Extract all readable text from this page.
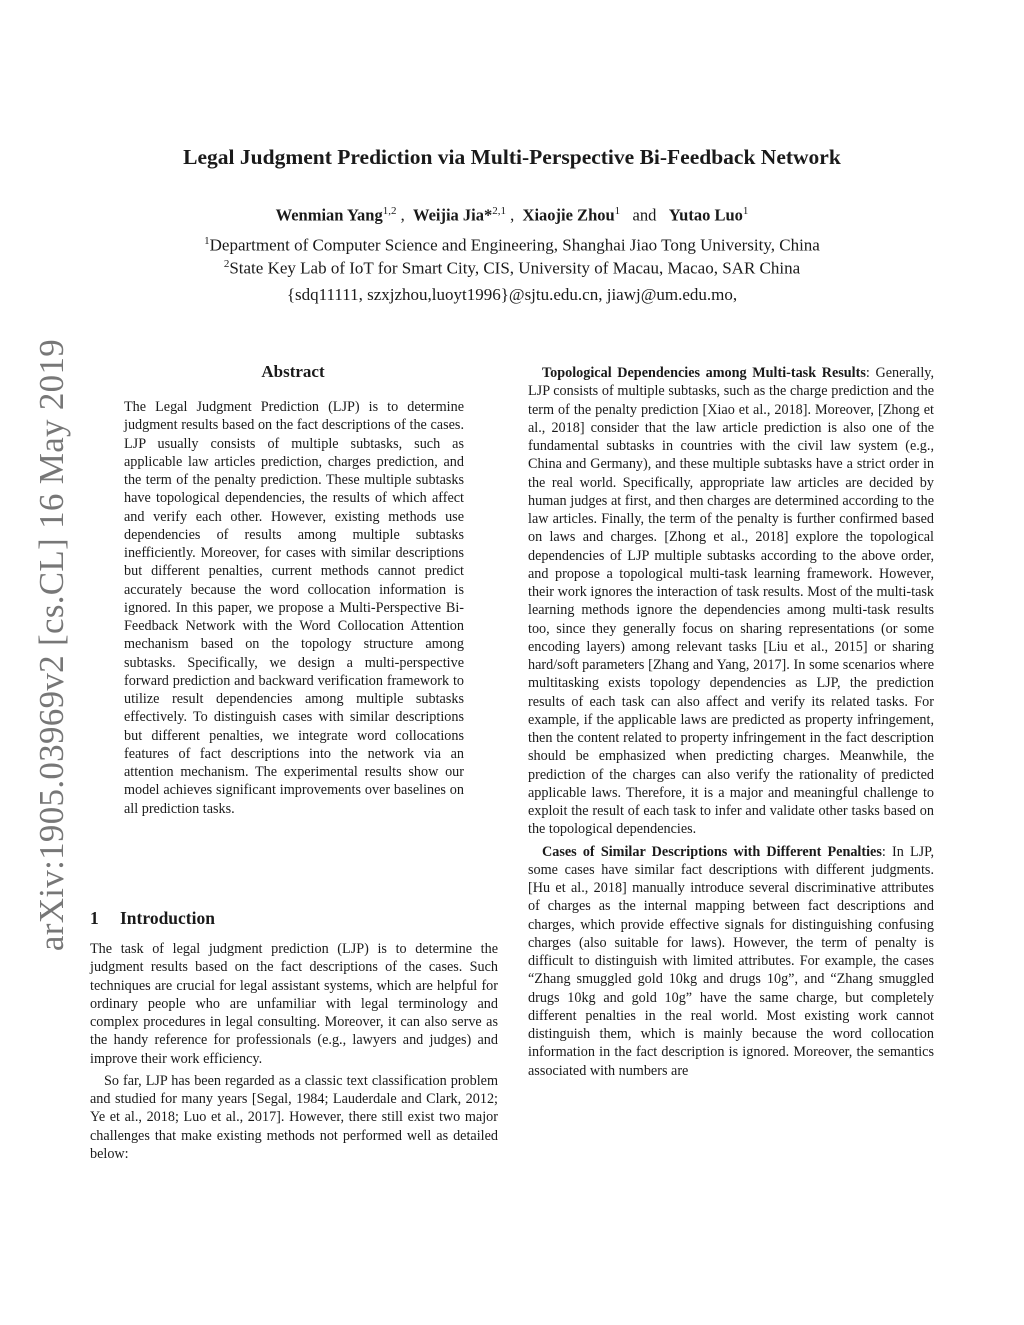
arXiv:1905.03969v2 [cs.CL] 16 May 2019
Legal Judgment Prediction via Multi-Perspective Bi-Feedback Network
Wenmian Yang$^{1,2}$ ,  Weijia Jia*$^{2,1}$ ,  Xiaojie Zhou$^1$ and Yutao Luo$^1$
$^1$Department of Computer Science and Engineering, Shanghai Jiao Tong University, China
$^2$State Key Lab of IoT for Smart City, CIS, University of Macau, Macao, SAR China
{sdq11111, szxjzhou,luoyt1996}@sjtu.edu.cn, jiawj@um.edu.mo,
Abstract

The Legal Judgment Prediction (LJP) is to determine judgment results based on the fact descriptions of the cases. LJP usually consists of multiple subtasks, such as applicable law articles prediction, charges prediction, and the term of the penalty prediction. These multiple subtasks have topological dependencies, the results of which affect and verify each other. However, existing methods use dependencies of results among multiple subtasks inefficiently. Moreover, for cases with similar descriptions but different penalties, current methods cannot predict accurately because the word collocation information is ignored. In this paper, we propose a Multi-Perspective Bi-Feedback Network with the Word Collocation Attention mechanism based on the topology structure among subtasks. Specifically, we design a multi-perspective forward prediction and backward verification framework to utilize result dependencies among multiple subtasks effectively. To distinguish cases with similar descriptions but different penalties, we integrate word collocations features of fact descriptions into the network via an attention mechanism. The experimental results show our model achieves significant improvements over baselines on all prediction tasks.

1 Introduction

The task of legal judgment prediction (LJP) is to determine the judgment results based on the fact descriptions of the cases. Such techniques are crucial for legal assistant systems, which are helpful for ordinary people who are unfamiliar with legal terminology and complex procedures in legal consulting. Moreover, it can also serve as the handy reference for professionals (e.g., lawyers and judges) and improve their work efficiency.

So far, LJP has been regarded as a classic text classification problem and studied for many years [Segal, 1984; Lauderdale and Clark, 2012; Ye et al., 2018; Luo et al., 2017]. However, there still exist two major challenges that make existing methods not performed well as detailed below:

Topological Dependencies among Multi-task Results: Generally, LJP consists of multiple subtasks, such as the charge prediction and the term of the penalty prediction [Xiao et al., 2018]. Moreover, [Zhong et al., 2018] consider that the law article prediction is also one of the fundamental subtasks in countries with the civil law system (e.g., China and Germany), and these multiple subtasks have a strict order in the real world. Specifically, appropriate law articles are decided by human judges at first, and then charges are determined according to the law articles. Finally, the term of the penalty is further confirmed based on laws and charges. [Zhong et al., 2018] explore the topological dependencies of LJP multiple subtasks according to the above order, and propose a topological multi-task learning framework. However, their work ignores the interaction of task results. Most of the multi-task learning methods ignore the dependencies among multi-task results too, since they generally focus on sharing representations (or some encoding layers) among relevant tasks [Liu et al., 2015] or sharing hard/soft parameters [Zhang and Yang, 2017]. In some scenarios where multitasking exists topology dependencies as LJP, the prediction results of each task can also affect and verify its related tasks. For example, if the applicable laws are predicted as property infringement, then the content related to property infringement in the fact description should be emphasized when predicting charges. Meanwhile, the prediction of the charges can also verify the rationality of predicted applicable laws. Therefore, it is a major and meaningful challenge to exploit the result of each task to infer and validate other tasks based on the topological dependencies.

Cases of Similar Descriptions with Different Penalties: In LJP, some cases have similar fact descriptions with different judgments. [Hu et al., 2018] manually introduce several discriminative attributes of charges as the internal mapping between fact descriptions and charges, which provide effective signals for distinguishing confusing charges (also suitable for laws). However, the term of penalty is difficult to distinguish with limited attributes. For example, the cases “Zhang smuggled gold 10kg and drugs 10g”, and “Zhang smuggled drugs 10kg and gold 10g” have the same charge, but completely different penalties in the real world. Most existing work cannot distinguish them, which is mainly because the word collocation information in the fact description is ignored. Moreover, the semantics associated with numbers are
